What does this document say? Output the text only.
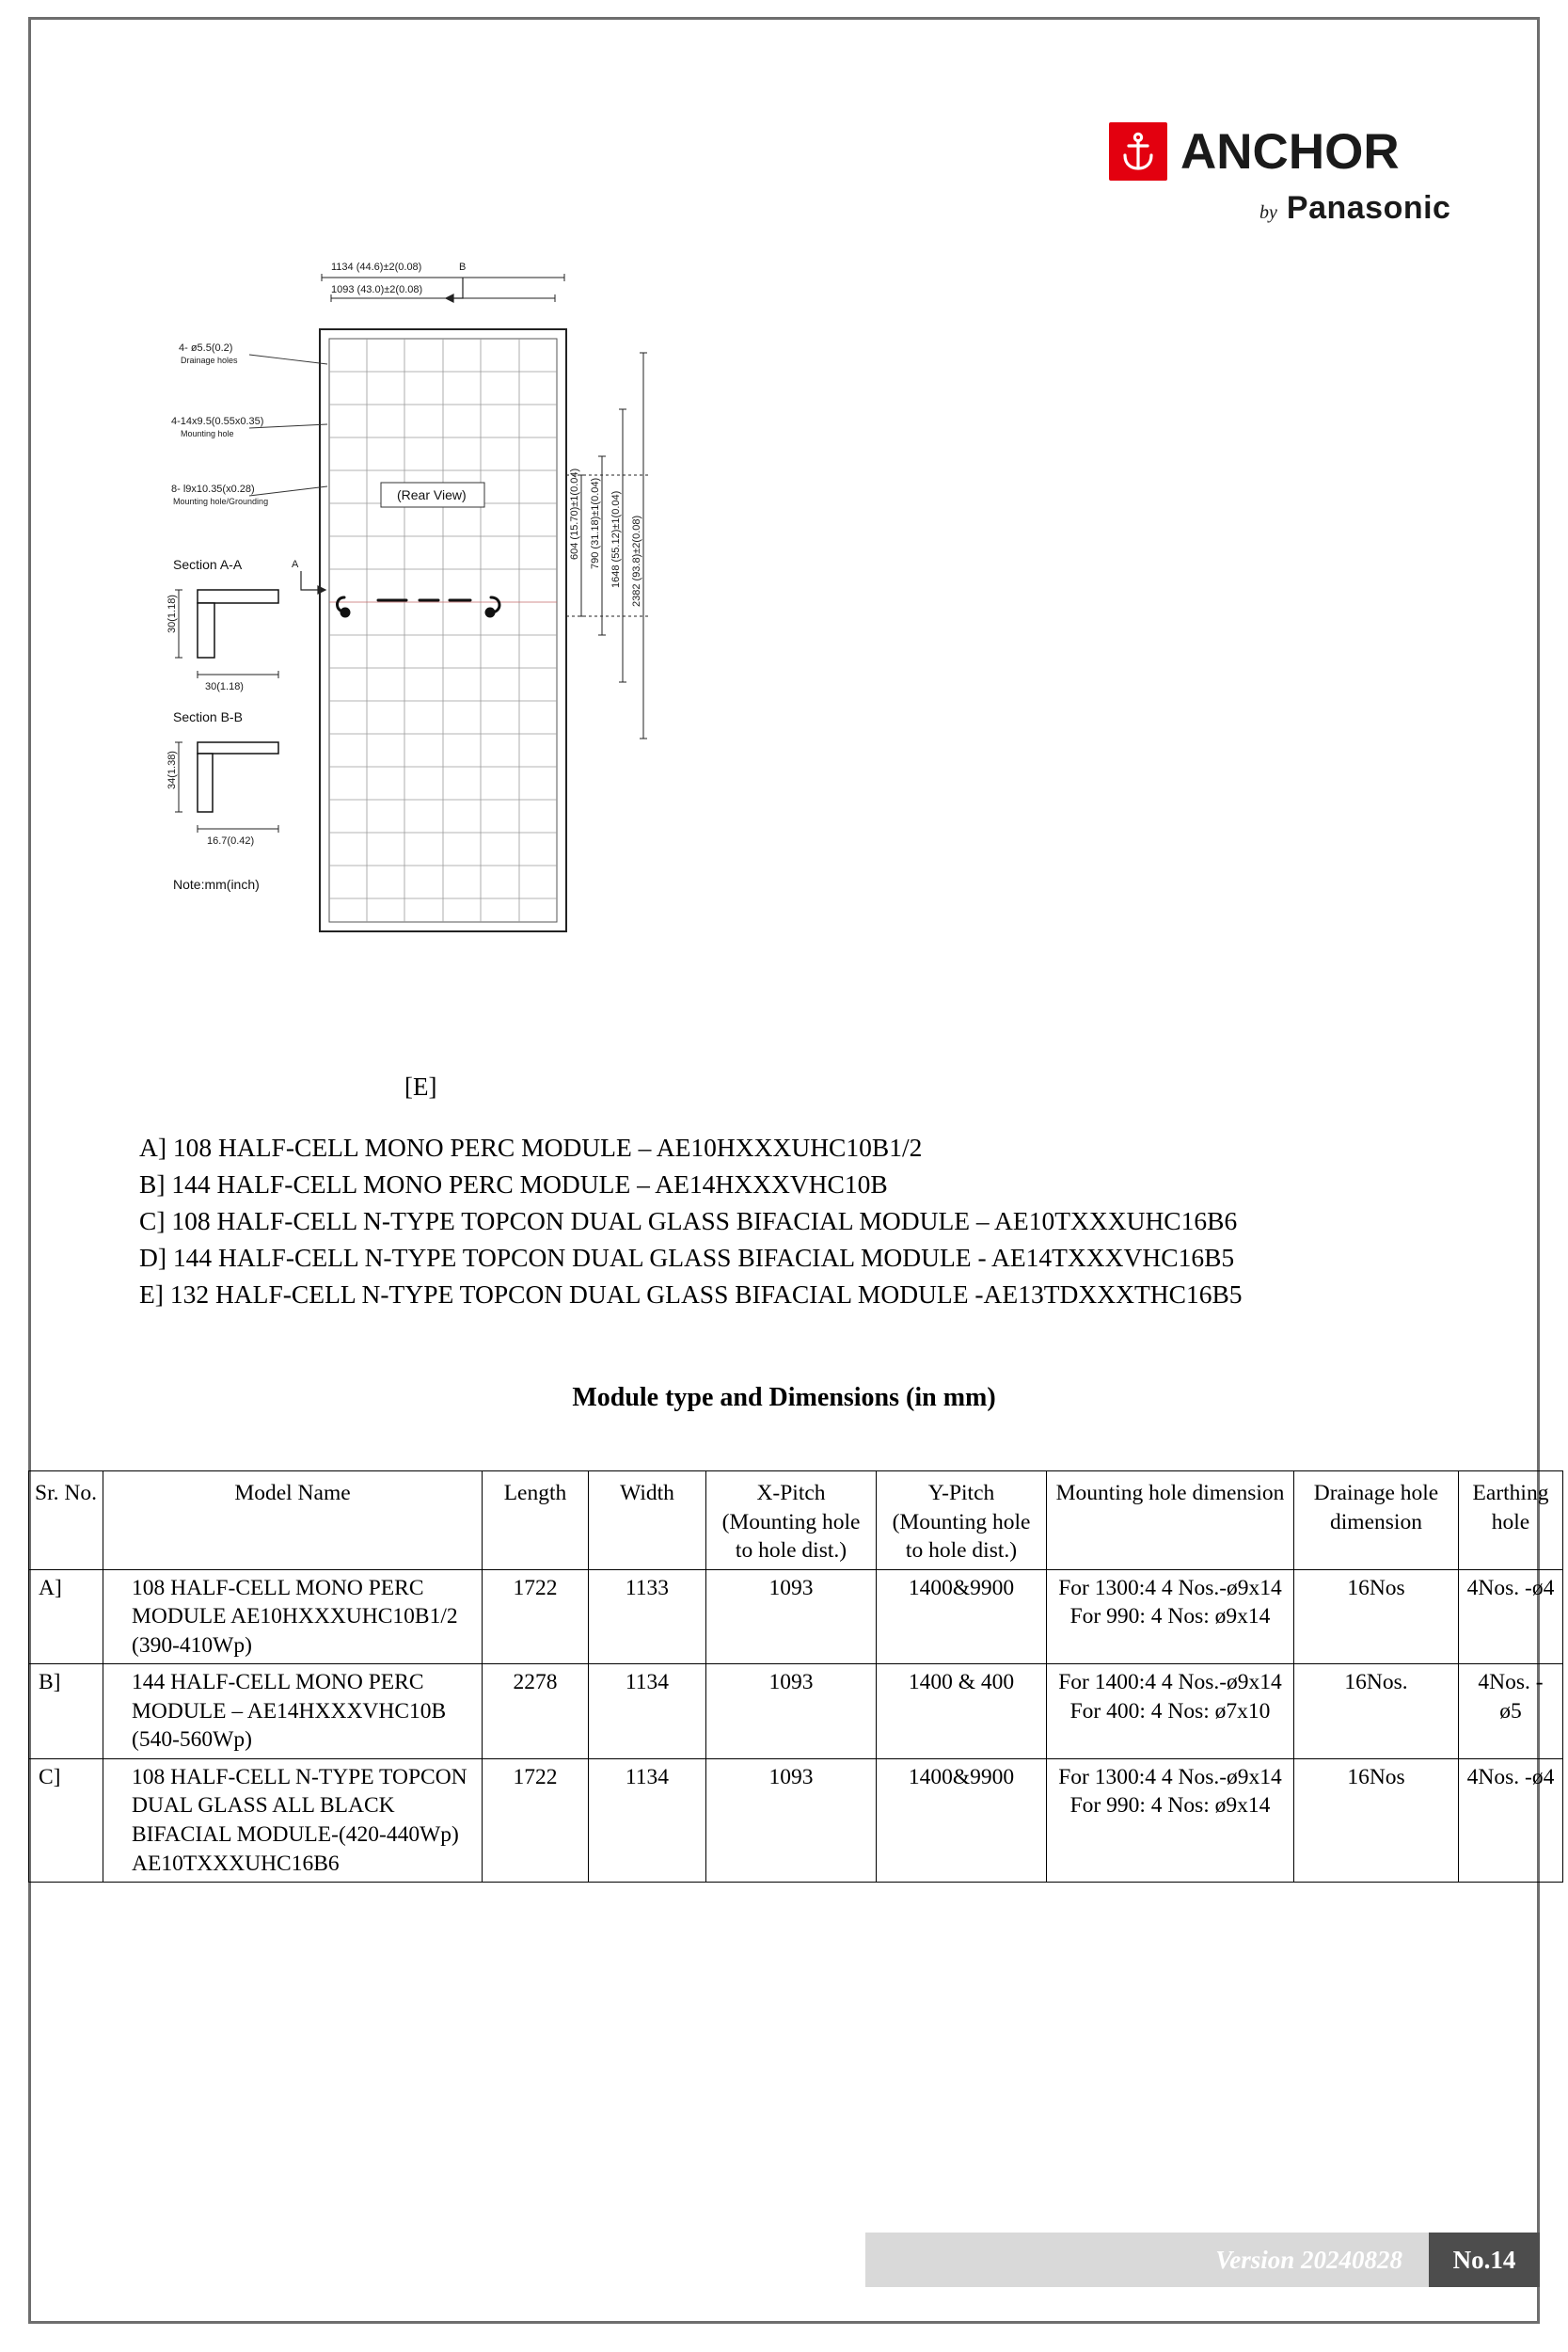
ANCHOR
by Panasonic
1134 (44.6)±2(0.08)
1093 (43.0)±2(0.08)
(Rear View)
4- ø5.5(0.2)
Drainage holes
4-14x9.5(0.55x0.35)
Mounting hole
8- l9x10.35(x0.28)
Mounting hole/Grounding
A
B
604 (15.70)±1(0.04) 790 (31.18)±1(0.04) 1648 (55.12)±1(0.04) 2382 (93.8)±2(0.08)
Section A-A
30(1.18)
30(1.18)
Section B-B
34(1.38)
16.7(0.42)
Note:mm(inch)
[E]
A] 108 HALF-CELL MONO PERC MODULE – AE10HXXXUHC10B1/2
B] 144 HALF-CELL MONO PERC MODULE – AE14HXXXVHC10B
C] 108 HALF-CELL N-TYPE TOPCON DUAL GLASS BIFACIAL MODULE – AE10TXXXUHC16B6
D] 144 HALF-CELL N-TYPE TOPCON DUAL GLASS BIFACIAL MODULE - AE14TXXXVHC16B5
E] 132 HALF-CELL N-TYPE TOPCON DUAL GLASS BIFACIAL MODULE -AE13TDXXXTHC16B5
Module type and Dimensions (in mm)
Sr. No.	Model Name	Length	Width	X-Pitch (Mounting hole to hole dist.)	Y-Pitch (Mounting hole to hole dist.)	Mounting hole dimension	Drainage hole dimension	Earthing hole
A]	108 HALF-CELL MONO PERC MODULE AE10HXXXUHC10B1/2 (390-410Wp)	1722	1133	1093	1400&9900	For 1300:4 4 Nos.-ø9x14 For 990: 4 Nos: ø9x14	16Nos	4Nos. -ø4
B]	144 HALF-CELL MONO PERC MODULE – AE14HXXXVHC10B (540-560Wp)	2278	1134	1093	1400 & 400	For 1400:4 4 Nos.-ø9x14 For 400: 4 Nos: ø7x10	16Nos.	4Nos. - ø5
C]	108 HALF-CELL N-TYPE TOPCON DUAL GLASS ALL BLACK BIFACIAL MODULE-(420-440Wp) AE10TXXXUHC16B6	1722	1134	1093	1400&9900	For 1300:4 4 Nos.-ø9x14 For 990: 4 Nos: ø9x14	16Nos	4Nos. -ø4
Version 20240828	No.14
